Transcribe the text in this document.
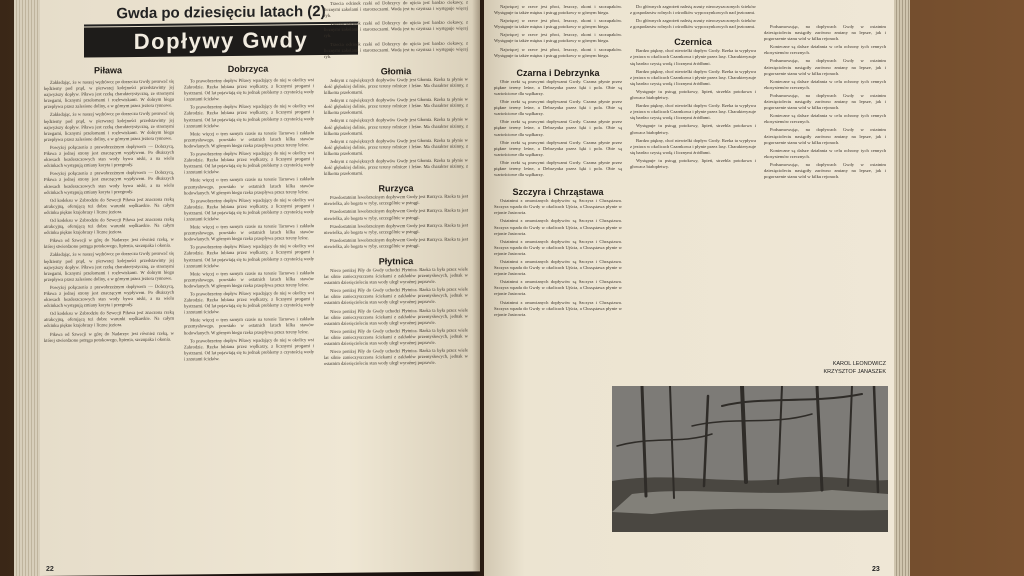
Gwda po dziesięciu latach (2)
Dopływy Gwdy
Piława

Zakładając, że w naszej wędrówce po dorzeczu Gwdy posuwać się będziemy pod prąd, w pierwszej kolejności przedstawimy jej najwyższy dopływ. Piława jest rzeką charakterystyczną, ze stromymi brzegami, licznymi przełomami i rozlewiskami. W dolnym biegu przepływa przez zalesione doliny, a w górnym przez jeziora rynnowe.

Zakładając, że w naszej wędrówce po dorzeczu Gwdy posuwać się będziemy pod prąd, w pierwszej kolejności przedstawimy jej najwyższy dopływ. Piława jest rzeką charakterystyczną, ze stromymi brzegami, licznymi przełomami i rozlewiskami. W dolnym biegu przepływa przez zalesione doliny, a w górnym przez jeziora rynnowe.

Powyżej połączenia z prawobrzeżnym dopływem — Dobrzycą, Piława z jednej strony jest znaczącym wypływem. Po dłuższych okresach bezdeszczowych stan wody bywa niski, a na wielu odcinkach występują zmiany koryta i przegrody.

Powyżej połączenia z prawobrzeżnym dopływem — Dobrzycą, Piława z jednej strony jest znaczącym wypływem. Po dłuższych okresach bezdeszczowych stan wody bywa niski, a na wielu odcinkach występują zmiany koryta i przegrody.

Od kodeksu w Zabrodziu do Szwecji Piława jest znaczona rzeką atrakcyjną, oferującą też dobre warunki wędkarskie. Na całym odcinku piękne krajobrazy i liczne jeziora.

Od kodeksu w Zabrodziu do Szwecji Piława jest znaczona rzeką atrakcyjną, oferującą też dobre warunki wędkarskie. Na całym odcinku piękne krajobrazy i liczne jeziora.

Piława od Szwecji w górę do Nadarzyc jest również rzeką, w której stwierdzono pstrąga potokowego, lipienia, szczupaka i okonia.

Zakładając, że w naszej wędrówce po dorzeczu Gwdy posuwać się będziemy pod prąd, w pierwszej kolejności przedstawimy jej najwyższy dopływ. Piława jest rzeką charakterystyczną, ze stromymi brzegami, licznymi przełomami i rozlewiskami. W dolnym biegu przepływa przez zalesione doliny, a w górnym przez jeziora rynnowe.

Powyżej połączenia z prawobrzeżnym dopływem — Dobrzycą, Piława z jednej strony jest znaczącym wypływem. Po dłuższych okresach bezdeszczowych stan wody bywa niski, a na wielu odcinkach występują zmiany koryta i przegrody.

Od kodeksu w Zabrodziu do Szwecji Piława jest znaczona rzeką atrakcyjną, oferującą też dobre warunki wędkarskie. Na całym odcinku piękne krajobrazy i liczne jeziora.

Piława od Szwecji w górę do Nadarzyc jest również rzeką, w której stwierdzono pstrąga potokowego, lipienia, szczupaka i okonia.

Dobrzyca

To prawobrzeżny dopływ Piławy wpadający do niej w okolicy wsi Zabrodzie. Rzeka lubiana przez wędkarzy, z licznymi progami i bystrzami. Od lat pojawiają się tu jednak problemy z czystością wody i zrzutami ścieków.

To prawobrzeżny dopływ Piławy wpadający do niej w okolicy wsi Zabrodzie. Rzeka lubiana przez wędkarzy, z licznymi progami i bystrzami. Od lat pojawiają się tu jednak problemy z czystością wody i zrzutami ścieków.

Może więcej o tym samym czasie na terenie Tarnowa i zakładu przemysłowego, powstało w ostatnich latach kilka stawów hodowlanych. W górnym biegu rzeka przepływa przez tereny leśne.

To prawobrzeżny dopływ Piławy wpadający do niej w okolicy wsi Zabrodzie. Rzeka lubiana przez wędkarzy, z licznymi progami i bystrzami. Od lat pojawiają się tu jednak problemy z czystością wody i zrzutami ścieków.

Może więcej o tym samym czasie na terenie Tarnowa i zakładu przemysłowego, powstało w ostatnich latach kilka stawów hodowlanych. W górnym biegu rzeka przepływa przez tereny leśne.

To prawobrzeżny dopływ Piławy wpadający do niej w okolicy wsi Zabrodzie. Rzeka lubiana przez wędkarzy, z licznymi progami i bystrzami. Od lat pojawiają się tu jednak problemy z czystością wody i zrzutami ścieków.

Może więcej o tym samym czasie na terenie Tarnowa i zakładu przemysłowego, powstało w ostatnich latach kilka stawów hodowlanych. W górnym biegu rzeka przepływa przez tereny leśne.

To prawobrzeżny dopływ Piławy wpadający do niej w okolicy wsi Zabrodzie. Rzeka lubiana przez wędkarzy, z licznymi progami i bystrzami. Od lat pojawiają się tu jednak problemy z czystością wody i zrzutami ścieków.

Może więcej o tym samym czasie na terenie Tarnowa i zakładu przemysłowego, powstało w ostatnich latach kilka stawów hodowlanych. W górnym biegu rzeka przepływa przez tereny leśne.

To prawobrzeżny dopływ Piławy wpadający do niej w okolicy wsi Zabrodzie. Rzeka lubiana przez wędkarzy, z licznymi progami i bystrzami. Od lat pojawiają się tu jednak problemy z czystością wody i zrzutami ścieków.

Może więcej o tym samym czasie na terenie Tarnowa i zakładu przemysłowego, powstało w ostatnich latach kilka stawów hodowlanych. W górnym biegu rzeka przepływa przez tereny leśne.

To prawobrzeżny dopływ Piławy wpadający do niej w okolicy wsi Zabrodzie. Rzeka lubiana przez wędkarzy, z licznymi progami i bystrzami. Od lat pojawiają się tu jednak problemy z czystością wody i zrzutami ścieków.

Trzecia odcinek rzeki od Dobrzycy do ujścia jest bardzo ciekawy, z licznymi zakolami i starorzeczami. Woda jest tu czystsza i występuje więcej ryb.

Trzecia odcinek rzeki od Dobrzycy do ujścia jest bardzo ciekawy, z licznymi zakolami i starorzeczami. Woda jest tu czystsza i występuje więcej ryb.

Trzecia odcinek rzeki od Dobrzycy do ujścia jest bardzo ciekawy, z licznymi zakolami i starorzeczami. Woda jest tu czystsza i występuje więcej ryb.

Głomia

Jednym z największych dopływów Gwdy jest Głomia. Rzeka ta płynie w dość głębokiej dolinie, przez tereny rolnicze i leśne. Ma charakter nizinny, z kilkoma przełomami.

Jednym z największych dopływów Gwdy jest Głomia. Rzeka ta płynie w dość głębokiej dolinie, przez tereny rolnicze i leśne. Ma charakter nizinny, z kilkoma przełomami.

Jednym z największych dopływów Gwdy jest Głomia. Rzeka ta płynie w dość głębokiej dolinie, przez tereny rolnicze i leśne. Ma charakter nizinny, z kilkoma przełomami.

Jednym z największych dopływów Gwdy jest Głomia. Rzeka ta płynie w dość głębokiej dolinie, przez tereny rolnicze i leśne. Ma charakter nizinny, z kilkoma przełomami.

Jednym z największych dopływów Gwdy jest Głomia. Rzeka ta płynie w dość głębokiej dolinie, przez tereny rolnicze i leśne. Ma charakter nizinny, z kilkoma przełomami.

Rurzyca

Przedostatnim lewobrzeżnym dopływem Gwdy jest Rurzyca. Rzeka ta jest niewielka, ale bogata w ryby, szczególnie w pstrągi.

Przedostatnim lewobrzeżnym dopływem Gwdy jest Rurzyca. Rzeka ta jest niewielka, ale bogata w ryby, szczególnie w pstrągi.

Przedostatnim lewobrzeżnym dopływem Gwdy jest Rurzyca. Rzeka ta jest niewielka, ale bogata w ryby, szczególnie w pstrągi.

Przedostatnim lewobrzeżnym dopływem Gwdy jest Rurzyca. Rzeka ta jest niewielka, ale bogata w ryby, szczególnie w pstrągi.

Płytnica

Nieco poniżej Piły do Gwdy uchodzi Płytnica. Rzeka ta była przez wiele lat silnie zanieczyszczona ściekami z zakładów przemysłowych, jednak w ostatnim dziesięcioleciu stan wody uległ wyraźnej poprawie.

Nieco poniżej Piły do Gwdy uchodzi Płytnica. Rzeka ta była przez wiele lat silnie zanieczyszczona ściekami z zakładów przemysłowych, jednak w ostatnim dziesięcioleciu stan wody uległ wyraźnej poprawie.

Nieco poniżej Piły do Gwdy uchodzi Płytnica. Rzeka ta była przez wiele lat silnie zanieczyszczona ściekami z zakładów przemysłowych, jednak w ostatnim dziesięcioleciu stan wody uległ wyraźnej poprawie.

Nieco poniżej Piły do Gwdy uchodzi Płytnica. Rzeka ta była przez wiele lat silnie zanieczyszczona ściekami z zakładów przemysłowych, jednak w ostatnim dziesięcioleciu stan wody uległ wyraźnej poprawie.

Nieco poniżej Piły do Gwdy uchodzi Płytnica. Rzeka ta była przez wiele lat silnie zanieczyszczona ściekami z zakładów przemysłowych, jednak w ostatnim dziesięcioleciu stan wody uległ wyraźnej poprawie.

22

Najwięcej w rzece jest płoci, leszczy, okoni i szczupaków. Występuje tu także miętus i pstrąg potokowy w górnym biegu.

Najwięcej w rzece jest płoci, leszczy, okoni i szczupaków. Występuje tu także miętus i pstrąg potokowy w górnym biegu.

Najwięcej w rzece jest płoci, leszczy, okoni i szczupaków. Występuje tu także miętus i pstrąg potokowy w górnym biegu.

Najwięcej w rzece jest płoci, leszczy, okoni i szczupaków. Występuje tu także miętus i pstrąg potokowy w górnym biegu.

Czarna i Debrzynka

Obie rzeki są prawymi dopływami Gwdy. Czarna płynie przez piękne tereny leśne, a Debrzynka przez łąki i pola. Obie są wartościowe dla wędkarzy.

Obie rzeki są prawymi dopływami Gwdy. Czarna płynie przez piękne tereny leśne, a Debrzynka przez łąki i pola. Obie są wartościowe dla wędkarzy.

Obie rzeki są prawymi dopływami Gwdy. Czarna płynie przez piękne tereny leśne, a Debrzynka przez łąki i pola. Obie są wartościowe dla wędkarzy.

Obie rzeki są prawymi dopływami Gwdy. Czarna płynie przez piękne tereny leśne, a Debrzynka przez łąki i pola. Obie są wartościowe dla wędkarzy.

Obie rzeki są prawymi dopływami Gwdy. Czarna płynie przez piękne tereny leśne, a Debrzynka przez łąki i pola. Obie są wartościowe dla wędkarzy.

Szczyra i Chrząstawa

Ostatnimi z omawianych dopływów są Szczyra i Chrząstawa. Szczyra wpada do Gwdy w okolicach Ujścia, a Chrząstawa płynie w rejonie Jastrowia.

Ostatnimi z omawianych dopływów są Szczyra i Chrząstawa. Szczyra wpada do Gwdy w okolicach Ujścia, a Chrząstawa płynie w rejonie Jastrowia.

Ostatnimi z omawianych dopływów są Szczyra i Chrząstawa. Szczyra wpada do Gwdy w okolicach Ujścia, a Chrząstawa płynie w rejonie Jastrowia.

Ostatnimi z omawianych dopływów są Szczyra i Chrząstawa. Szczyra wpada do Gwdy w okolicach Ujścia, a Chrząstawa płynie w rejonie Jastrowia.

Ostatnimi z omawianych dopływów są Szczyra i Chrząstawa. Szczyra wpada do Gwdy w okolicach Ujścia, a Chrząstawa płynie w rejonie Jastrowia.

Ostatnimi z omawianych dopływów są Szczyra i Chrząstawa. Szczyra wpada do Gwdy w okolicach Ujścia, a Chrząstawa płynie w rejonie Jastrowia.

Do głównych zagrożeń należą zrzuty nieoczyszczonych ścieków z gospodarstw rolnych i ośrodków wypoczynkowych nad jeziorami.

Do głównych zagrożeń należą zrzuty nieoczyszczonych ścieków z gospodarstw rolnych i ośrodków wypoczynkowych nad jeziorami.

Czernica

Bardzo piękny, choć niewielki dopływ Gwdy. Rzeka ta wypływa z jeziora w okolicach Czarnkowa i płynie przez lasy. Charakteryzuje się bardzo czystą wodą i licznymi źródłami.

Bardzo piękny, choć niewielki dopływ Gwdy. Rzeka ta wypływa z jeziora w okolicach Czarnkowa i płynie przez lasy. Charakteryzuje się bardzo czystą wodą i licznymi źródłami.

Występuje tu pstrąg potokowy, lipień, strzebla potokowa i głowacz białopłetwy.

Bardzo piękny, choć niewielki dopływ Gwdy. Rzeka ta wypływa z jeziora w okolicach Czarnkowa i płynie przez lasy. Charakteryzuje się bardzo czystą wodą i licznymi źródłami.

Występuje tu pstrąg potokowy, lipień, strzebla potokowa i głowacz białopłetwy.

Bardzo piękny, choć niewielki dopływ Gwdy. Rzeka ta wypływa z jeziora w okolicach Czarnkowa i płynie przez lasy. Charakteryzuje się bardzo czystą wodą i licznymi źródłami.

Występuje tu pstrąg potokowy, lipień, strzebla potokowa i głowacz białopłetwy.

Podsumowując, na dopływach Gwdy w ostatnim dziesięcioleciu nastąpiły zarówno zmiany na lepsze, jak i pogorszenie stanu wód w kilku rejonach.

Konieczne są dalsze działania w celu ochrony tych cennych ekosystemów rzecznych.

Podsumowując, na dopływach Gwdy w ostatnim dziesięcioleciu nastąpiły zarówno zmiany na lepsze, jak i pogorszenie stanu wód w kilku rejonach.

Konieczne są dalsze działania w celu ochrony tych cennych ekosystemów rzecznych.

Podsumowując, na dopływach Gwdy w ostatnim dziesięcioleciu nastąpiły zarówno zmiany na lepsze, jak i pogorszenie stanu wód w kilku rejonach.

Konieczne są dalsze działania w celu ochrony tych cennych ekosystemów rzecznych.

Podsumowując, na dopływach Gwdy w ostatnim dziesięcioleciu nastąpiły zarówno zmiany na lepsze, jak i pogorszenie stanu wód w kilku rejonach.

Konieczne są dalsze działania w celu ochrony tych cennych ekosystemów rzecznych.

Podsumowując, na dopływach Gwdy w ostatnim dziesięcioleciu nastąpiły zarówno zmiany na lepsze, jak i pogorszenie stanu wód w kilku rejonach.

KAROL LEONOWICZ
KRZYSZTOF JANASZEK
23
